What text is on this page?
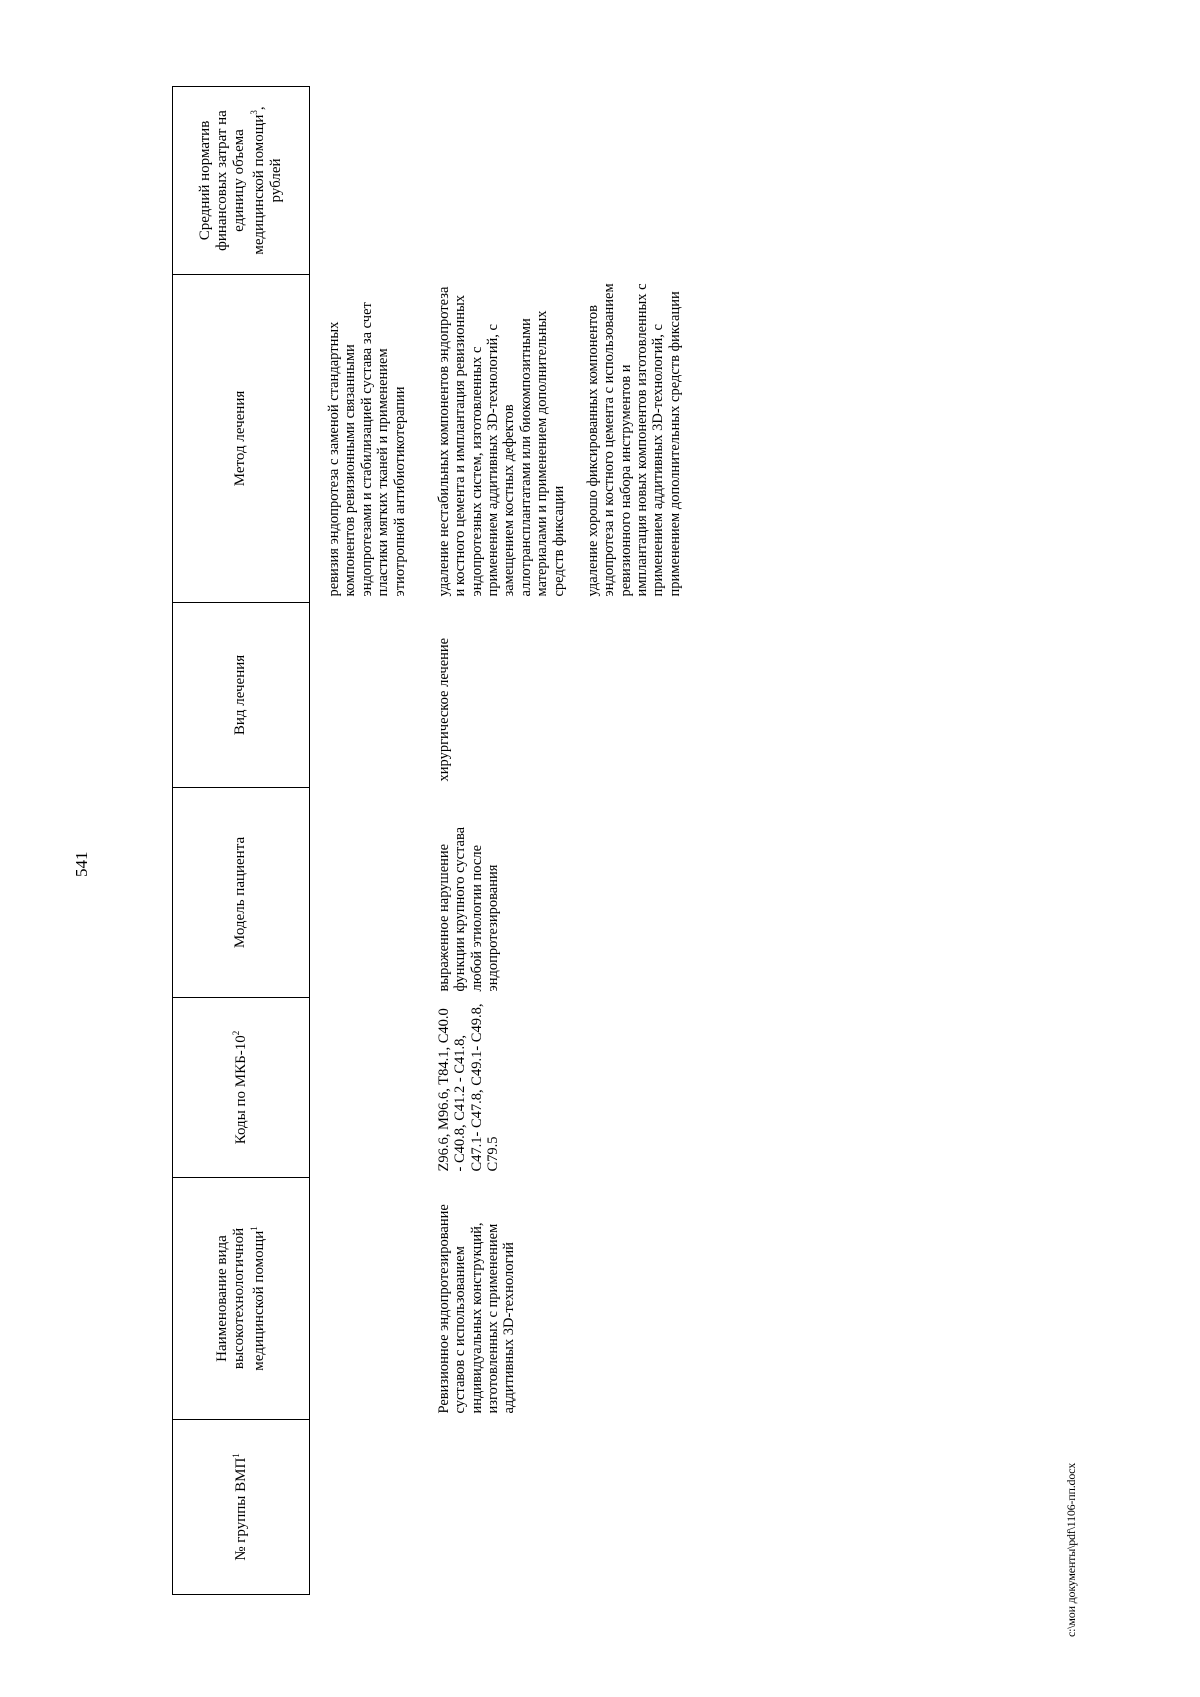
541
№ группы ВМП$^1$	Наименование вида высокотехнологичной медицинской помощи$^1$	Коды по МКБ-$10^2$	Модель пациента	Вид лечения	Метод лечения	Средний норматив финансовых затрат на единицу объема медицинской помощи$^3$, рублей

					ревизия эндопротеза с заменой стандартных компонентов ревизионными связанными эндопротезами и стабилизацией сустава за счет пластики мягких тканей и применением этиотропной антибиотикотерапии	

	Ревизионное эндопротезирование суставов с использованием индивидуальных конструкций, изготовленных с применением аддитивных 3D-технологий	Z96.6, M96.6, T84.1, C40.0 - C40.8, C41.2 - C41.8, C47.1- C47.8, C49.1- C49.8, C79.5	выраженное нарушение функции крупного сустава любой этиологии после эндопротезирования	хирургическое лечение	удаление нестабильных компонентов эндопротеза и костного цемента и имплантация ревизионных эндопротезных систем, изготовленных с применением аддитивных 3D-технологий, с замещением костных дефектов аллотрансплантатами или биокомпозитными материалами и применением дополнительных средств фиксации удаление хорошо фиксированных компонентов эндопротеза и костного цемента с использованием ревизионного набора инструментов и имплантация новых компонентов изготовленных с применением аддитивных 3D-технологий, с применением дополнительных средств фиксации	

c:\мои документы\pdf\1106-пп.docx
